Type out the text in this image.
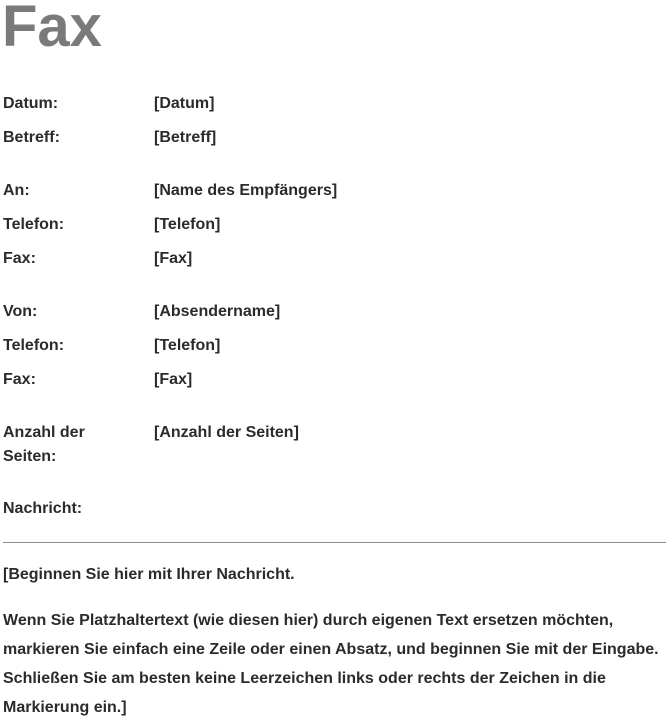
Fax
Datum:	[Datum]
Betreff:	[Betreff]
An:	[Name des Empfängers]
Telefon:	[Telefon]
Fax:	[Fax]
Von:	[Absendername]
Telefon:	[Telefon]
Fax:	[Fax]
Anzahl der
Seiten:
[Anzahl der Seiten]
Nachricht:

[Beginnen Sie hier mit Ihrer Nachricht.

Wenn Sie Platzhaltertext (wie diesen hier) durch eigenen Text ersetzen möchten, markieren Sie einfach eine Zeile oder einen Absatz, und beginnen Sie mit der Eingabe. Schließen Sie am besten keine Leerzeichen links oder rechts der Zeichen in die Markierung ein.]
